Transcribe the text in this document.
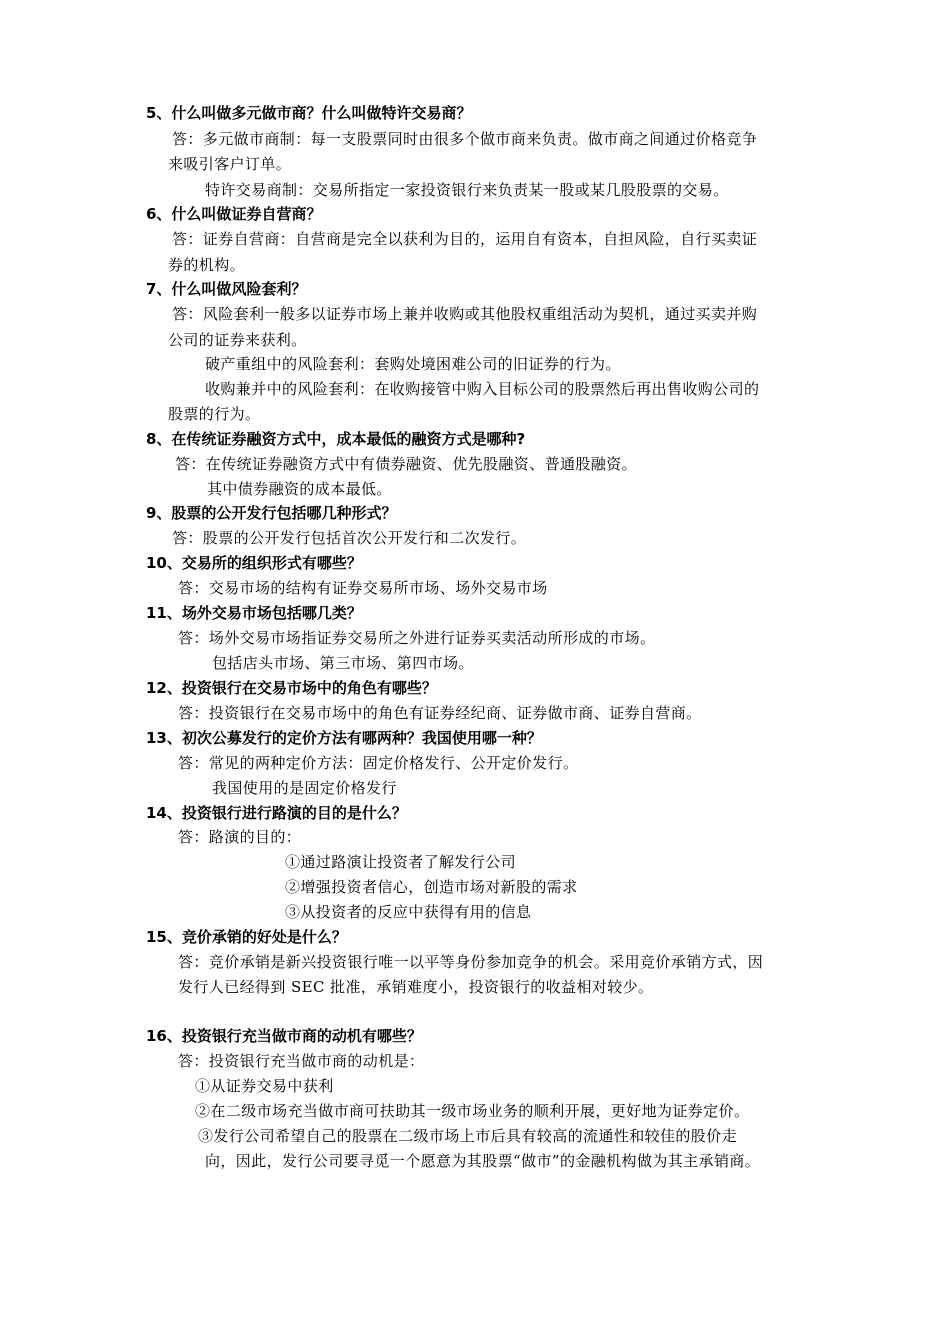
5、什么叫做多元做市商？什么叫做特许交易商？
答：多元做市商制：每一支股票同时由很多个做市商来负责。做市商之间通过价格竞争
来吸引客户订单。
特许交易商制：交易所指定一家投资银行来负责某一股或某几股股票的交易。
6、什么叫做证券自营商？
答：证券自营商：自营商是完全以获利为目的，运用自有资本，自担风险，自行买卖证
券的机构。
7、什么叫做风险套利？
答：风险套利一般多以证券市场上兼并收购或其他股权重组活动为契机，通过买卖并购
公司的证券来获利。
破产重组中的风险套利：套购处境困难公司的旧证券的行为。
收购兼并中的风险套利：在收购接管中购入目标公司的股票然后再出售收购公司的
股票的行为。
8、在传统证券融资方式中，成本最低的融资方式是哪种?
答：在传统证券融资方式中有债券融资、优先股融资、普通股融资。
其中债券融资的成本最低。
9、股票的公开发行包括哪几种形式？
答：股票的公开发行包括首次公开发行和二次发行。
10、交易所的组织形式有哪些？
答：交易市场的结构有证券交易所市场、场外交易市场
11、场外交易市场包括哪几类？
答：场外交易市场指证券交易所之外进行证券买卖活动所形成的市场。
包括店头市场、第三市场、第四市场。
12、投资银行在交易市场中的角色有哪些？
答：投资银行在交易市场中的角色有证券经纪商、证券做市商、证券自营商。
13、初次公募发行的定价方法有哪两种？我国使用哪一种？
答：常见的两种定价方法：固定价格发行、公开定价发行。
我国使用的是固定价格发行
14、投资银行进行路演的目的是什么？
答：路演的目的：
①通过路演让投资者了解发行公司
②增强投资者信心，创造市场对新股的需求
③从投资者的反应中获得有用的信息
15、竞价承销的好处是什么？
答：竞价承销是新兴投资银行唯一以平等身份参加竞争的机会。采用竞价承销方式，因
发行人已经得到 SEC 批准，承销难度小，投资银行的收益相对较少。
16、投资银行充当做市商的动机有哪些？
答：投资银行充当做市商的动机是：
①从证券交易中获利
②在二级市场充当做市商可扶助其一级市场业务的顺利开展，更好地为证券定价。
③发行公司希望自己的股票在二级市场上市后具有较高的流通性和较佳的股价走
向，因此，发行公司要寻觅一个愿意为其股票“做市”的金融机构做为其主承销商。
